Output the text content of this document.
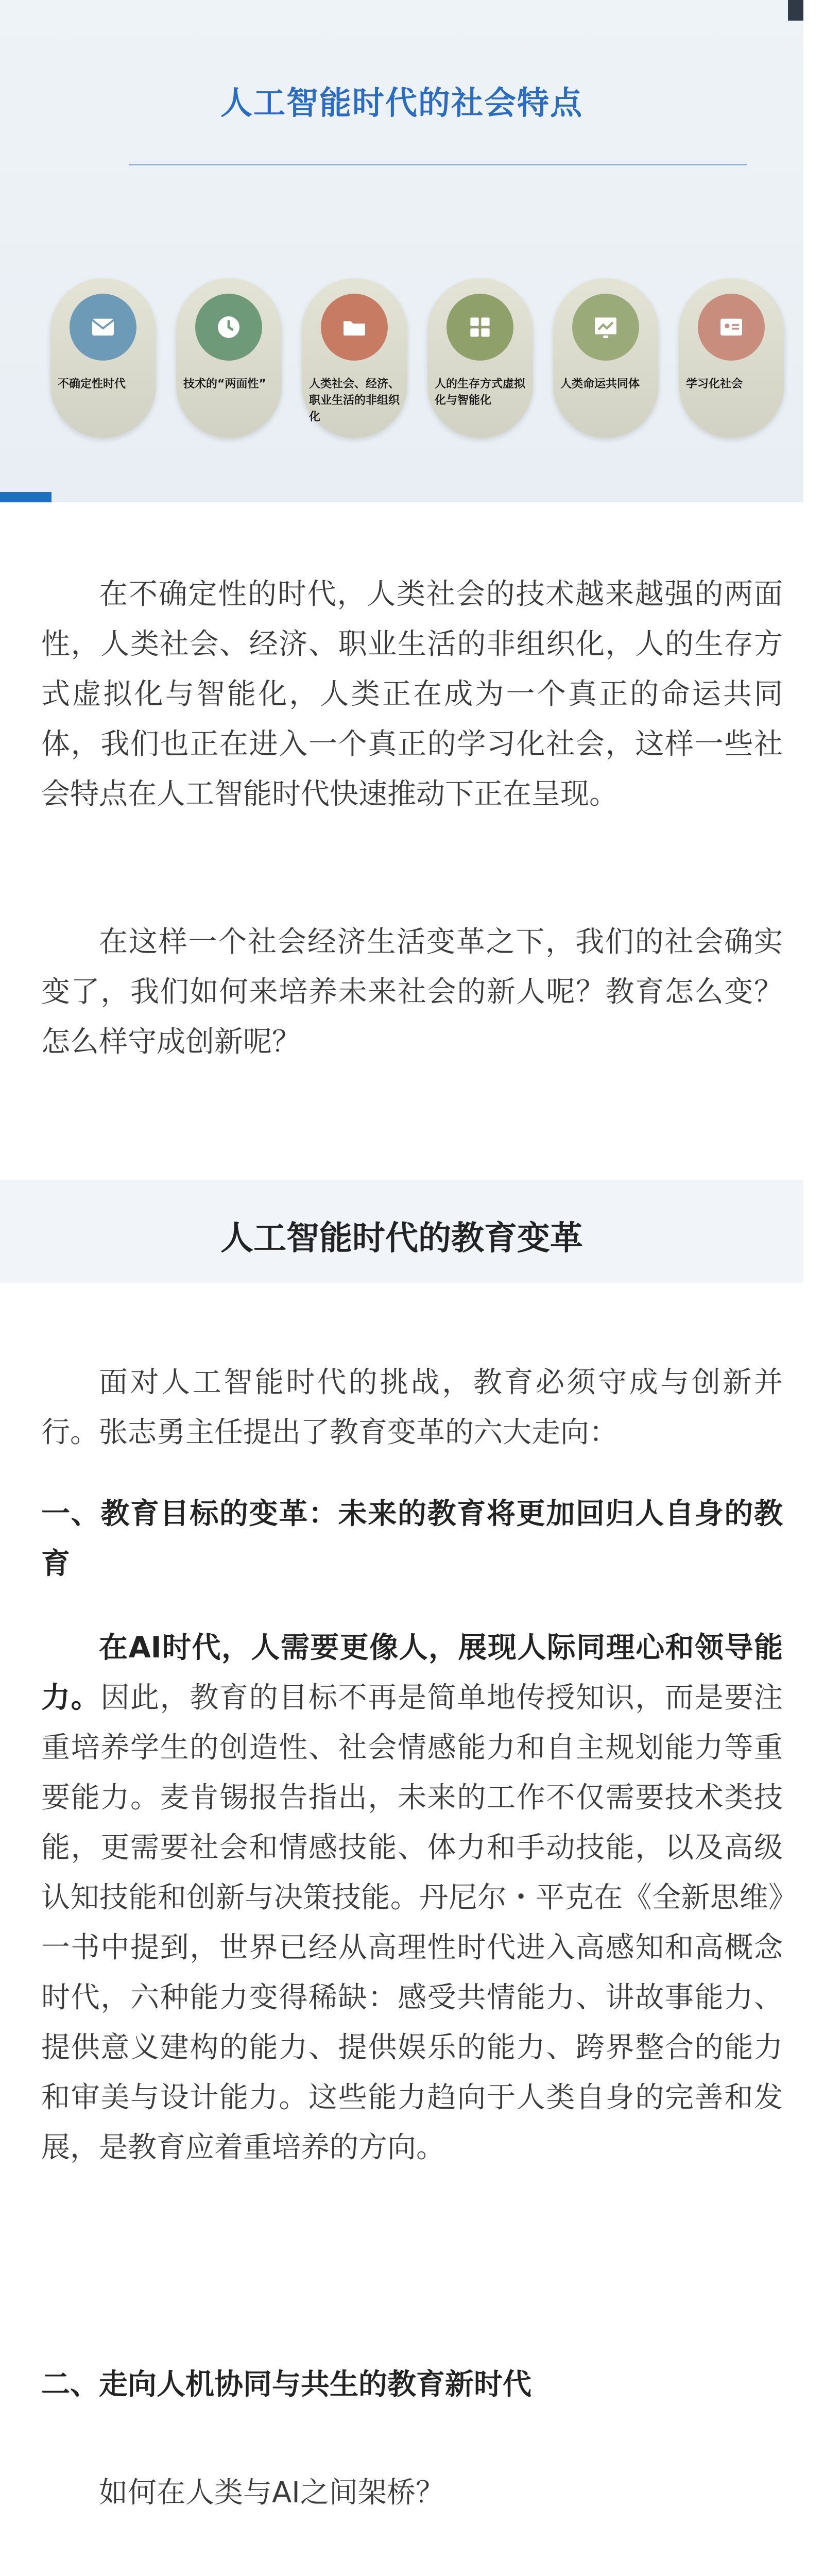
人工智能时代的社会特点
不确定性时代	技术的“两面性”	人类社会、经济、职业生活的非组织化
人的生存方式虚拟化与智能化
人类命运共同体	学习化社会

在不确定性的时代，人类社会的技术越来越强的两面性，人类社会、经济、职业生活的非组织化，人的生存方式虚拟化与智能化，人类正在成为一个真正的命运共同体，我们也正在进入一个真正的学习化社会，这样一些社会特点在人工智能时代快速推动下正在呈现。

在这样一个社会经济生活变革之下，我们的社会确实变了，我们如何来培养未来社会的新人呢？教育怎么变？怎么样守成创新呢？

人工智能时代的教育变革

面对人工智能时代的挑战，教育必须守成与创新并行。张志勇主任提出了教育变革的六大走向：

一、教育目标的变革：未来的教育将更加回归人自身的教育

在AI时代，人需要更像人，展现人际同理心和领导能力。因此，教育的目标不再是简单地传授知识，而是要注重培养学生的创造性、社会情感能力和自主规划能力等重要能力。麦肯锡报告指出，未来的工作不仅需要技术类技能，更需要社会和情感技能、体力和手动技能，以及高级认知技能和创新与决策技能。丹尼尔・平克在《全新思维》一书中提到，世界已经从高理性时代进入高感知和高概念时代，六种能力变得稀缺：感受共情能力、讲故事能力、提供意义建构的能力、提供娱乐的能力、跨界整合的能力和审美与设计能力。这些能力趋向于人类自身的完善和发展，是教育应着重培养的方向。

二、走向人机协同与共生的教育新时代

如何在人类与AI之间架桥？
